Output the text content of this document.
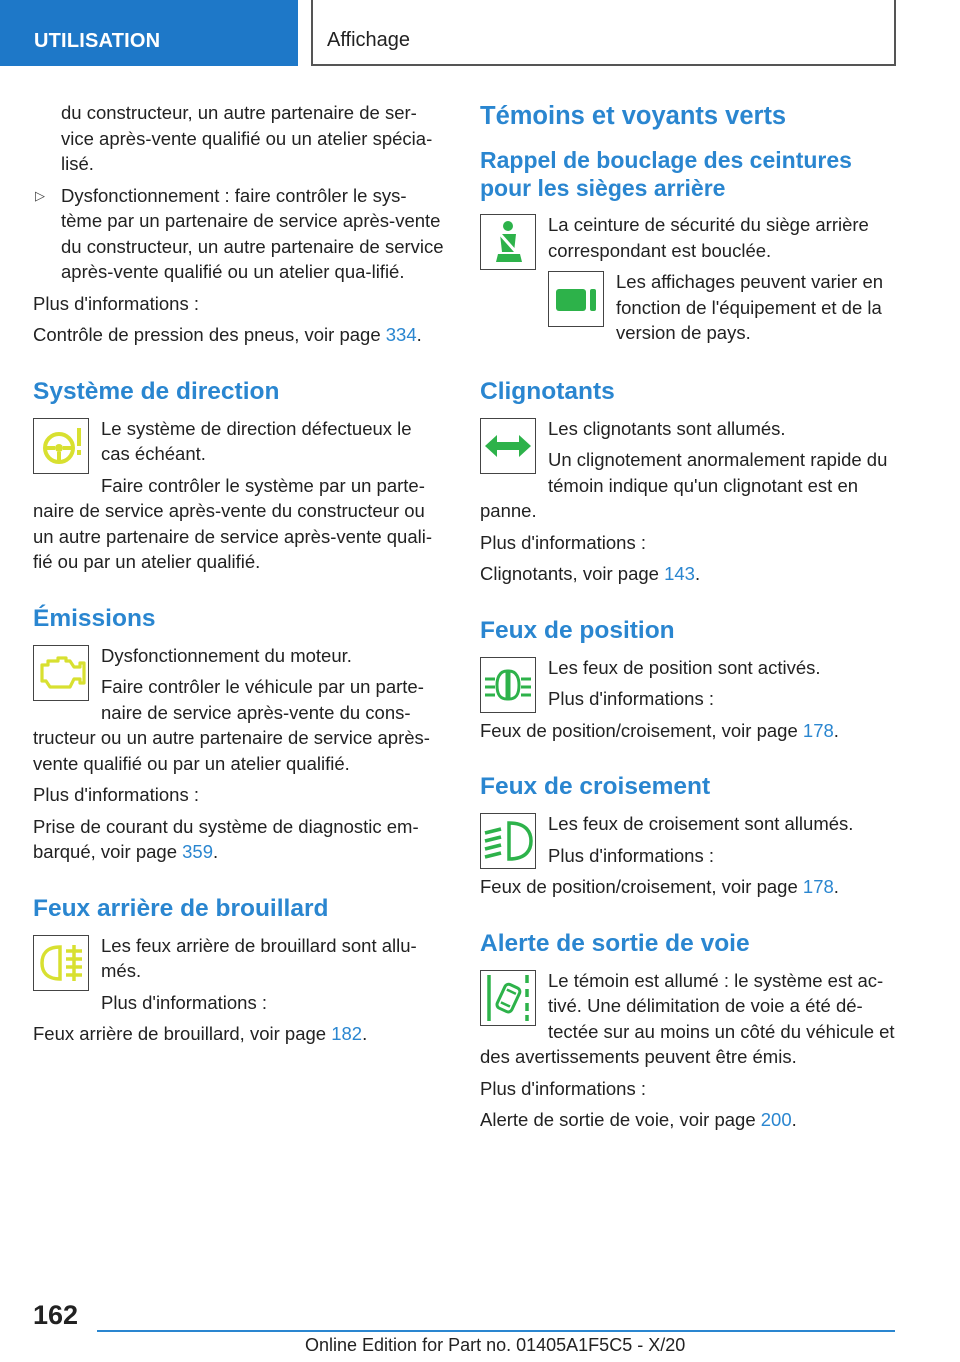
UTILISATION	Affichage

du constructeur, un autre partenaire de ser-vice après-vente qualifié ou un atelier spécia-lisé.

▷ Dysfonctionnement : faire contrôler le sys-tème par un partenaire de service après-vente du constructeur, un autre partenaire de service après-vente qualifié ou un atelier qua-lifié.

Plus d'informations :

Contrôle de pression des pneus, voir page 334.

Système de direction

Le système de direction défectueux le cas échéant.

Faire contrôler le système par un parte-naire de service après-vente du constructeur ou un autre partenaire de service après-vente quali-fié ou par un atelier qualifié.

Émissions

Dysfonctionnement du moteur.

Faire contrôler le véhicule par un parte-naire de service après-vente du cons-tructeur ou un autre partenaire de service après-vente qualifié ou par un atelier qualifié.

Plus d'informations :

Prise de courant du système de diagnostic em-barqué, voir page 359.

Feux arrière de brouillard

Les feux arrière de brouillard sont allu-més.

Plus d'informations :

Feux arrière de brouillard, voir page 182.

Témoins et voyants verts
Rappel de bouclage des ceintures pour les sièges arrière

La ceinture de sécurité du siège arrière correspondant est bouclée.

Les affichages peuvent varier en fonction de l'équipement et de la version de pays.

Clignotants

Les clignotants sont allumés.

Un clignotement anormalement rapide du témoin indique qu'un clignotant est en panne.

Plus d'informations :

Clignotants, voir page 143.

Feux de position

Les feux de position sont activés.

Plus d'informations :

Feux de position/croisement, voir page 178.

Feux de croisement

Les feux de croisement sont allumés.

Plus d'informations :

Feux de position/croisement, voir page 178.

Alerte de sortie de voie

Le témoin est allumé : le système est ac-tivé. Une délimitation de voie a été dé-tectée sur au moins un côté du véhicule et des avertissements peuvent être émis.

Plus d'informations :

Alerte de sortie de voie, voir page 200.

162
Online Edition for Part no. 01405A1F5C5 - X/20
